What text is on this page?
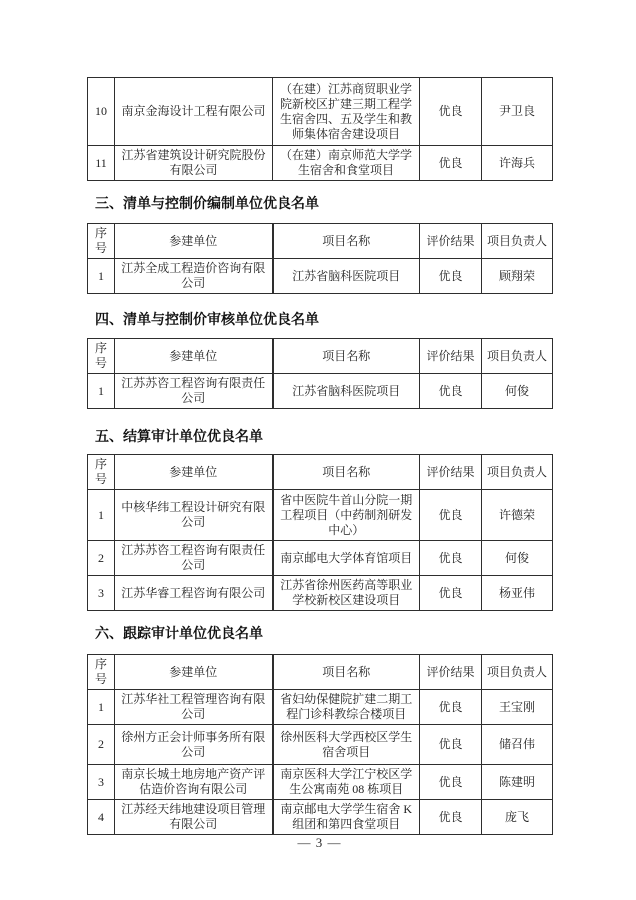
10	南京金海设计工程有限公司	（在建）江苏商贸职业学院新校区扩建三期工程学生宿舍四、五及学生和教师集体宿舍建设项目	优良	尹卫良
11	江苏省建筑设计研究院股份有限公司	（在建）南京师范大学学生宿舍和食堂项目	优良	许海兵
三、清单与控制价编制单位优良名单
序号	参建单位	项目名称	评价结果	项目负责人
1	江苏全成工程造价咨询有限公司	江苏省脑科医院项目	优良	顾翔荣
四、清单与控制价审核单位优良名单
序号	参建单位	项目名称	评价结果	项目负责人
1	江苏苏咨工程咨询有限责任公司	江苏省脑科医院项目	优良	何俊
五、结算审计单位优良名单
序号	参建单位	项目名称	评价结果	项目负责人
1	中核华纬工程设计研究有限公司	省中医院牛首山分院一期工程项目（中药制剂研发中心）	优良	许德荣
2	江苏苏咨工程咨询有限责任公司	南京邮电大学体育馆项目	优良	何俊
3	江苏华睿工程咨询有限公司	江苏省徐州医药高等职业学校新校区建设项目	优良	杨亚伟
六、跟踪审计单位优良名单
序号	参建单位	项目名称	评价结果	项目负责人
1	江苏华社工程管理咨询有限公司	省妇幼保健院扩建二期工程门诊科教综合楼项目	优良	王宝刚
2	徐州方正会计师事务所有限公司	徐州医科大学西校区学生宿舍项目	优良	储召伟
3	南京长城土地房地产资产评估造价咨询有限公司	南京医科大学江宁校区学生公寓南苑 08 栋项目	优良	陈建明
4	江苏经天纬地建设项目管理有限公司	南京邮电大学学生宿舍 K 组团和第四食堂项目	优良	庞飞
— 3 —
